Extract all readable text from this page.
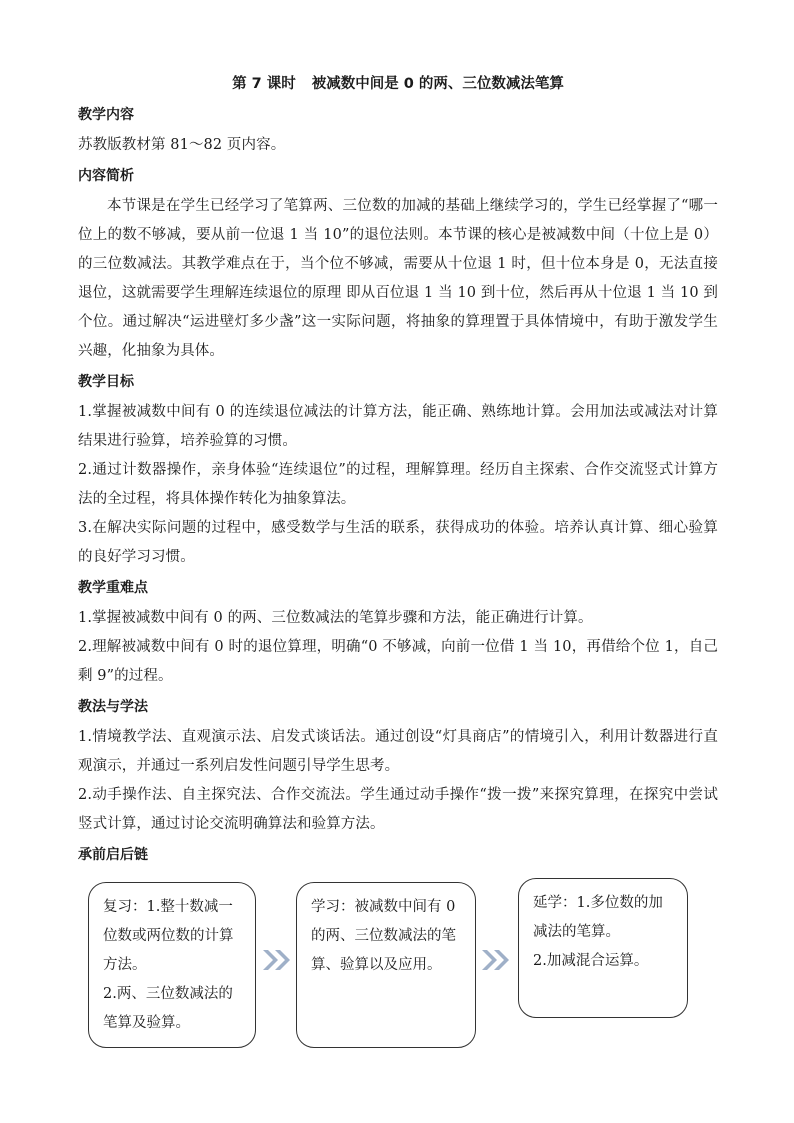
第 7 课时 被减数中间是 0 的两、三位数减法笔算
教学内容

苏教版教材第 81～82 页内容。

内容简析

本节课是在学生已经学习了笔算两、三位数的加减的基础上继续学习的，学生已经掌握了“哪一位上的数不够减，要从前一位退 1 当 10”的退位法则。本节课的核心是被减数中间（十位上是 0）的三位数减法。其教学难点在于，当个位不够减，需要从十位退 1 时，但十位本身是 0，无法直接退位，这就需要学生理解连续退位的原理 即从百位退 1 当 10 到十位，然后再从十位退 1 当 10 到个位。通过解决“运进壁灯多少盏”这一实际问题，将抽象的算理置于具体情境中，有助于激发学生兴趣，化抽象为具体。

教学目标

1.掌握被减数中间有 0 的连续退位减法的计算方法，能正确、熟练地计算。会用加法或减法对计算结果进行验算，培养验算的习惯。

2.通过计数器操作，亲身体验“连续退位”的过程，理解算理。经历自主探索、合作交流竖式计算方法的全过程，将具体操作转化为抽象算法。

3.在解决实际问题的过程中，感受数学与生活的联系，获得成功的体验。培养认真计算、细心验算的良好学习习惯。

教学重难点

1.掌握被减数中间有 0 的两、三位数减法的笔算步骤和方法，能正确进行计算。

2.理解被减数中间有 0 时的退位算理，明确“0 不够减，向前一位借 1 当 10，再借给个位 1，自己剩 9”的过程。

教法与学法

1.情境教学法、直观演示法、启发式谈话法。通过创设“灯具商店”的情境引入，利用计数器进行直观演示，并通过一系列启发性问题引导学生思考。

2.动手操作法、自主探究法、合作交流法。学生通过动手操作“拨一拨”来探究算理，在探究中尝试竖式计算，通过讨论交流明确算法和验算方法。

承前启后链
复习：1.整十数减一位数或两位数的计算方法。
2.两、三位数减法的笔算及验算。
学习：被减数中间有 0 的两、三位数减法的笔算、验算以及应用。
延学：1.多位数的加减法的笔算。
2.加减混合运算。
